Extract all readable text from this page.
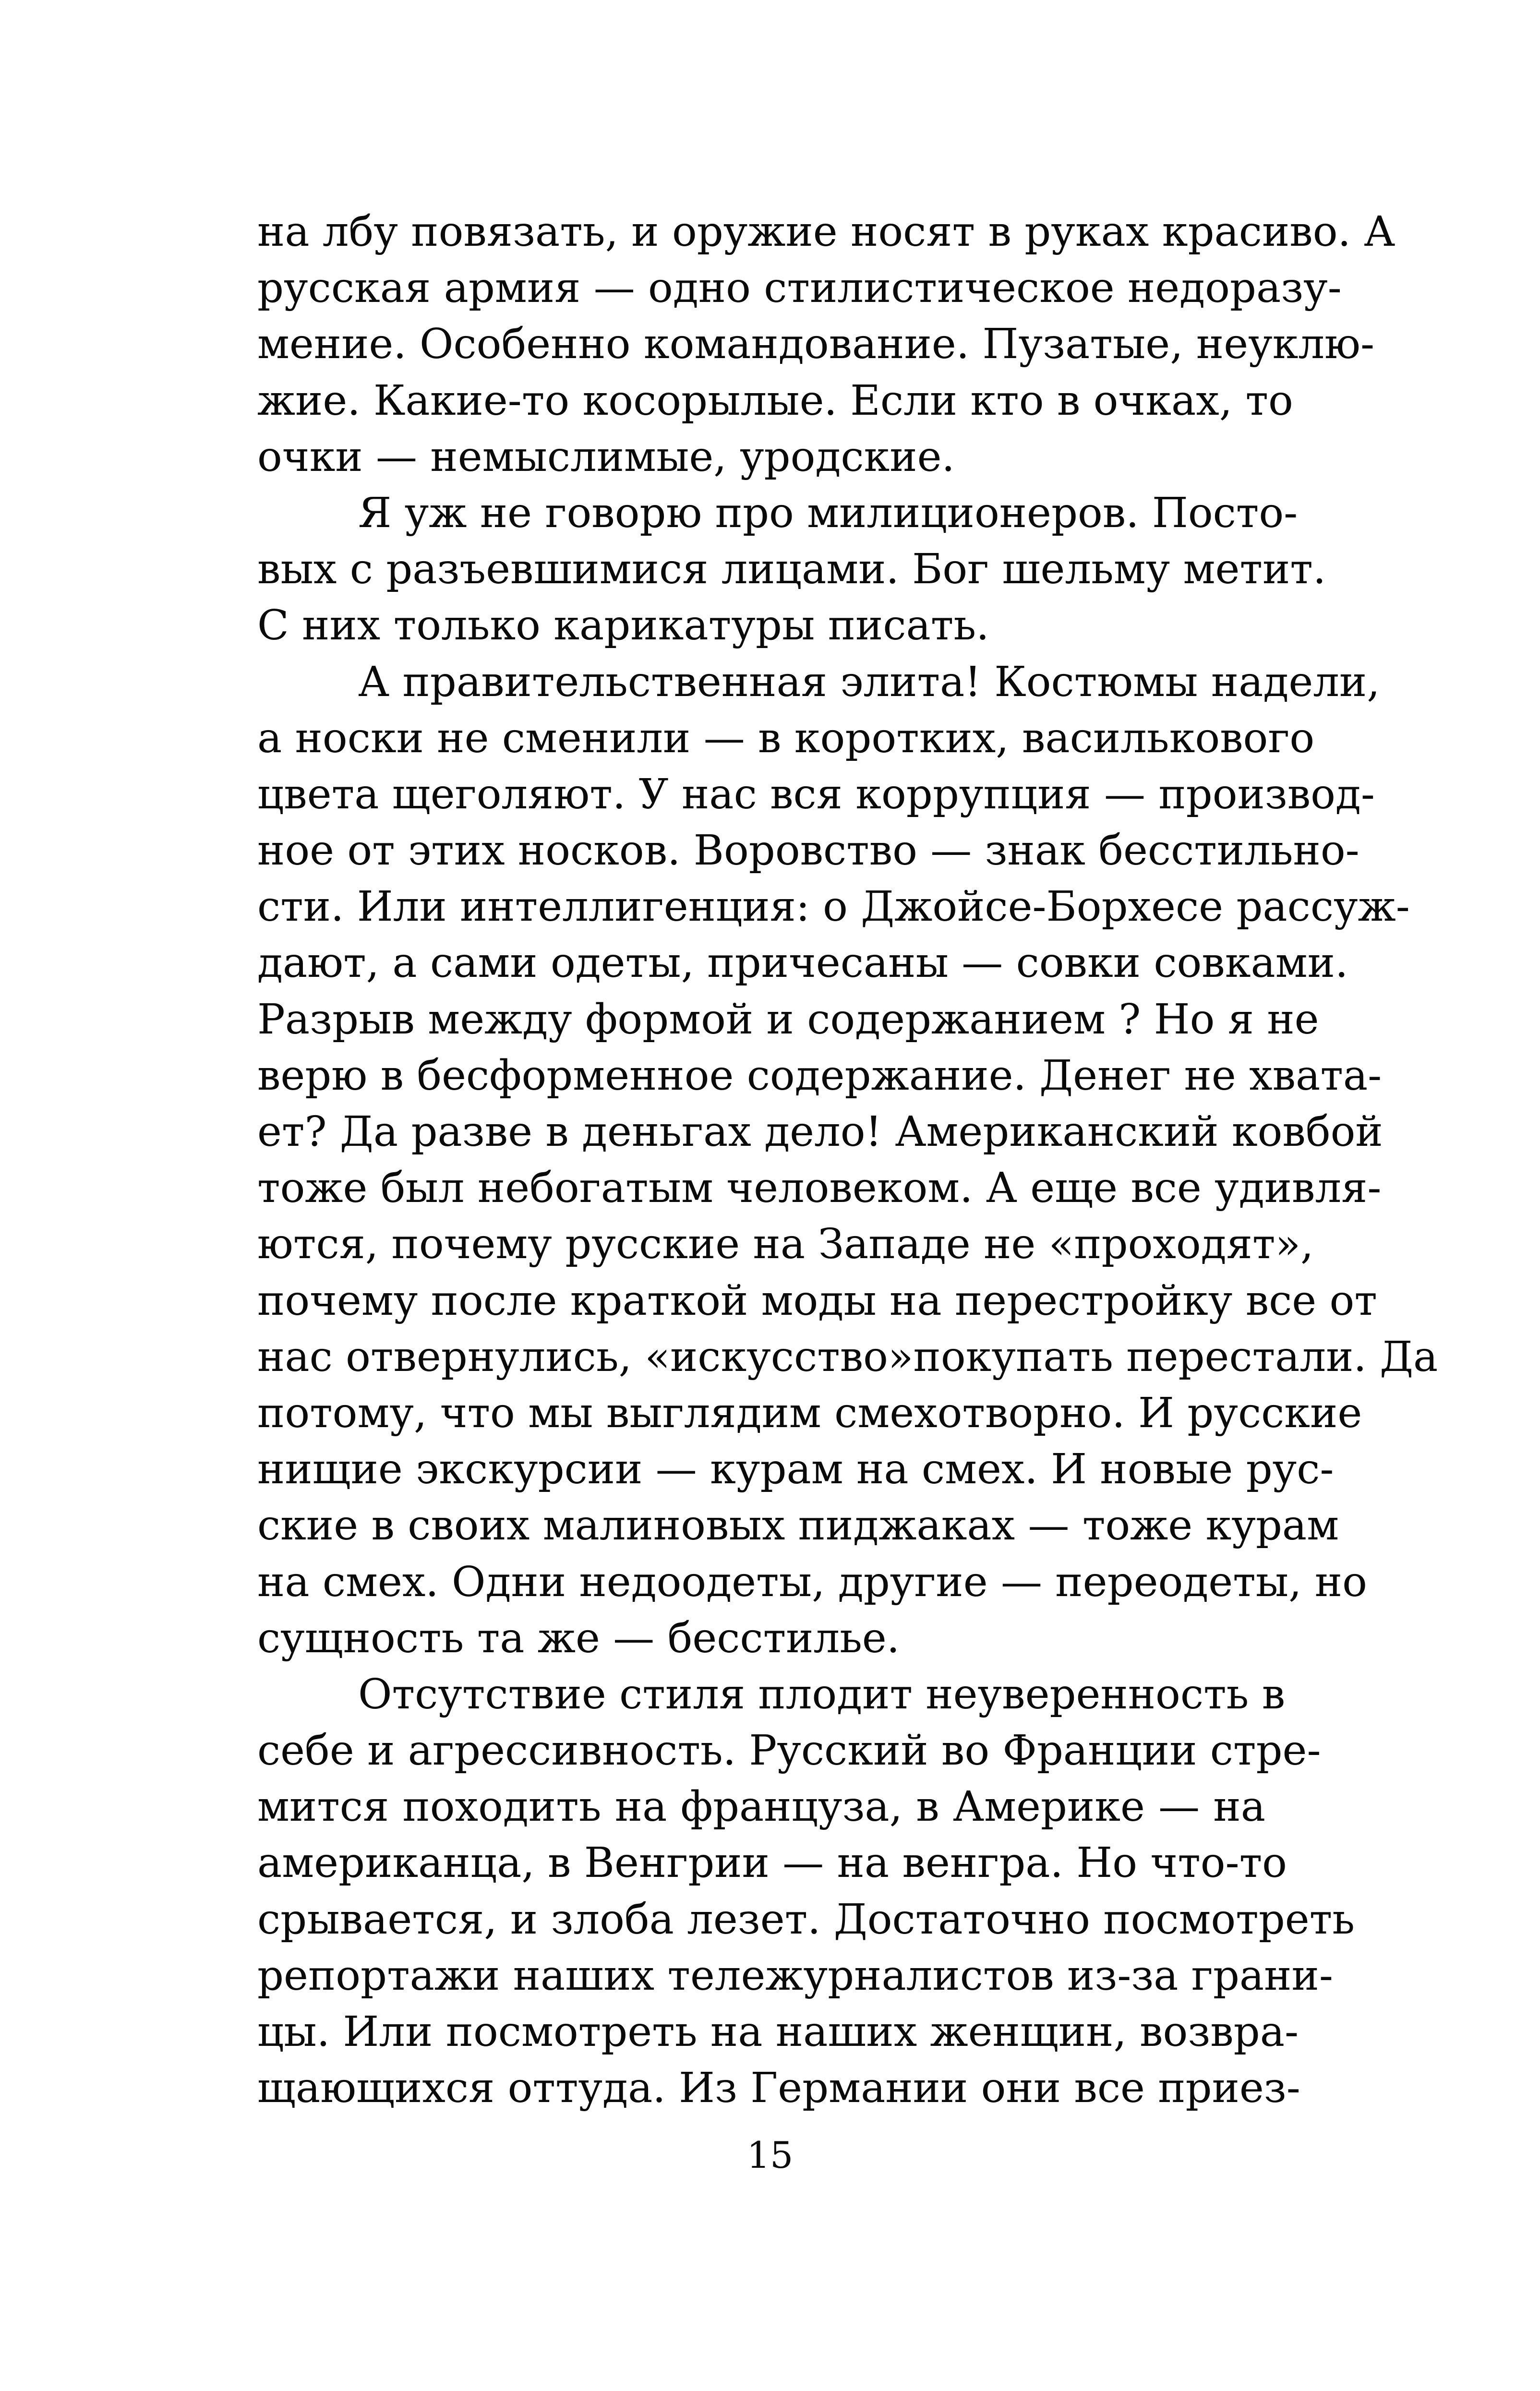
на лбу повязать, и оружие носят в руках красиво. А
русская армия — одно стилистическое недоразу-
мение. Особенно командование. Пузатые, неуклю-
жие. Какие-то косорылые. Если кто в очках, то
очки — немыслимые, уродские.
Я уж не говорю про милиционеров. Посто-
вых с разъевшимися лицами. Бог шельму метит.
С них только карикатуры писать.
А правительственная элита! Костюмы надели,
а носки не сменили — в коротких, василькового
цвета щеголяют. У нас вся коррупция — производ-
ное от этих носков. Воровство — знак бесстильно-
сти. Или интеллигенция: о Джойсе-Борхесе рассуж-
дают, а сами одеты, причесаны — совки совками.
Разрыв между формой и содержанием ? Но я не
верю в бесформенное содержание. Денег не хвата-
ет? Да разве в деньгах дело! Американский ковбой
тоже был небогатым человеком. А еще все удивля-
ются, почему русские на Западе не «проходят»,
почему после краткой моды на перестройку все от
нас отвернулись, «искусство»покупать перестали. Да
потому, что мы выглядим смехотворно. И русские
нищие экскурсии — курам на смех. И новые рус-
ские в своих малиновых пиджаках — тоже курам
на смех. Одни недоодеты, другие — переодеты, но
сущность та же — бесстилье.
Отсутствие стиля плодит неуверенность в
себе и агрессивность. Русский во Франции стре-
мится походить на француза, в Америке — на
американца, в Венгрии — на венгра. Но что-то
срывается, и злоба лезет. Достаточно посмотреть
репортажи наших тележурналистов из-за грани-
цы. Или посмотреть на наших женщин, возвра-
щающихся оттуда. Из Германии они все приез-
15
